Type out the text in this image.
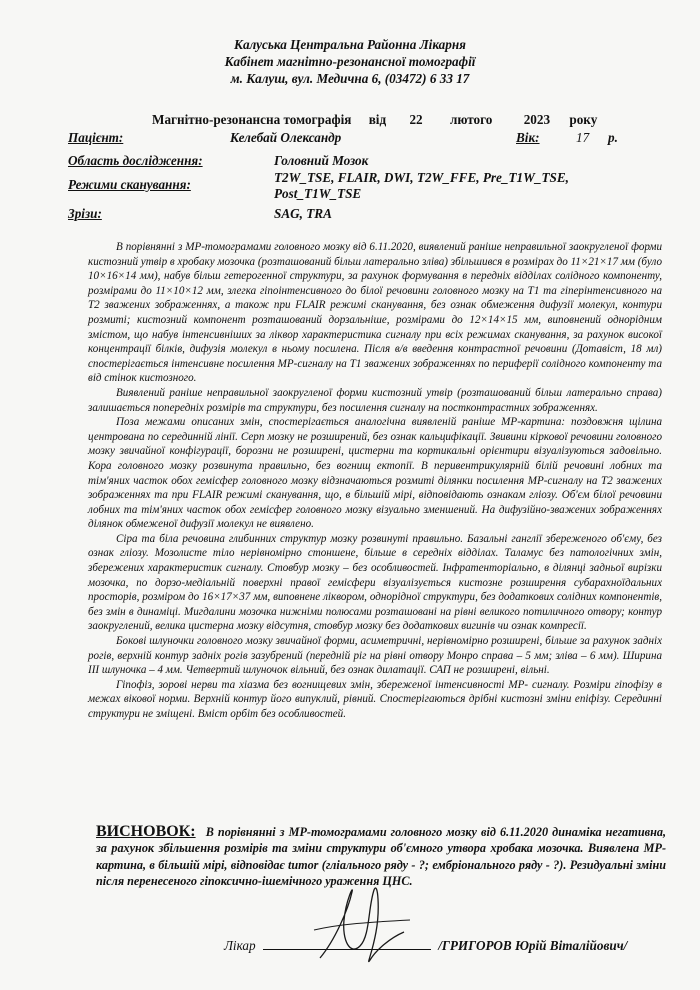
Калуська Центральна Районна Лікарня
Кабінет магнітно-резонансної томографії
м. Калуш, вул. Медична 6, (03472) 6 33 17
Магнітно-резонансна томографія від 22 лютого 2023 року
Пацієнт:	Келебай Олександр	Вік:	17 р.
Область дослідження:	Головний Мозок
Режими сканування:	T2W_TSE, FLAIR, DWI, T2W_FFE, Pre_T1W_TSE, Post_T1W_TSE
Зрізи:	SAG, TRA

В порівнянні з МР-томограмами головного мозку від 6.11.2020, виявлений раніше неправильної заокругленої форми кистозний утвір в хробаку мозочка (розташований більш латерально зліва) збільшився в розмірах до 11×21×17 мм (було 10×16×14 мм), набув більш гетерогенної структури, за рахунок формування в передніх відділах солідного компоненту, розмірами до 11×10×12 мм, злегка гіпоінтенсивного до білої речовини головного мозку на Т1 та гіперінтенсивного на Т2 зважених зображеннях, а також при FLAIR режимі сканування, без ознак обмеження дифузії молекул, контури розмиті; кистозний компонент розташований дорзальніше, розмірами до 12×14×15 мм, виповнений однорідним змістом, що набув інтенсивніших за ліквор характеристика сигналу при всіх режимах сканування, за рахунок високої концентрації білків, дифузія молекул в ньому посилена. Після в/в введення контрастної речовини (Дотавіст, 18 мл) спостерігається інтенсивне посилення МР-сигналу на Т1 зважених зображеннях по периферії солідного компоненту та від стінок кистозного.

Виявлений раніше неправильної заокругленої форми кистозний утвір (розташований більш латерально справа) залишається попередніх розмірів та структури, без посилення сигналу на постконтрастних зображеннях.

Поза межами описаних змін, спостерігається аналогічна виявленій раніше МР-картина: поздовжня щілина центрована по серединній лінії. Серп мозку не розширений, без ознак кальцифікації. Звивини кіркової речовини головного мозку звичайної конфігурації, борозни не розширені, цистерни та кортикальні орієнтири візуалізуються задовільно. Кора головного мозку розвинута правильно, без вогнищ ектопії. В перивентрикулярній білій речовині лобних та тім'яних часток обох гемісфер головного мозку відзначаються розмиті ділянки посилення МР-сигналу на Т2 зважених зображеннях та при FLAIR режимі сканування, що, в більшій мірі, відповідають ознакам гліозу. Об'єм білої речовини лобних та тім'яних часток обох гемісфер головного мозку візуально зменшений. На дифузійно-зважених зображеннях ділянок обмеженої дифузії молекул не виявлено.

Сіра та біла речовина глибинних структур мозку розвинуті правильно. Базальні ганглії збереженого об'єму, без ознак гліозу. Мозолисте тіло нерівномірно стоншене, більше в середніх відділах. Таламус без патологічних змін, збережених характеристик сигналу. Стовбур мозку – без особливостей. Інфратенторіально, в ділянці задньої вирізки мозочка, по дорзо-медіальній поверхні правої гемісфери візуалізується кистозне розширення субарахноїдальних просторів, розміром до 16×17×37 мм, виповнене ліквором, однорідної структури, без додаткових солідних компонентів, без змін в динаміці. Мигдалини мозочка нижніми полюсами розташовані на рівні великого потиличного отвору; контур заокруглений, велика цистерна мозку відсутня, стовбур мозку без додаткових вигинів чи ознак компресії.

Бокові шлуночки головного мозку звичайної форми, асиметричні, нерівномірно розширені, більше за рахунок задніх рогів, верхній контур задніх рогів зазубрений (передній ріг на рівні отвору Монро справа – 5 мм; зліва – 6 мм). Ширина ІІІ шлуночка – 4 мм. Четвертий шлуночок вільний, без ознак дилатації. САП не розширені, вільні.

Гіпофіз, зорові нерви та хіазма без вогнищевих змін, збереженої інтенсивності МР- сигналу. Розміри гіпофізу в межах вікової норми. Верхній контур його випуклий, рівний. Спостерігаються дрібні кистозні зміни епіфізу. Серединні структури не зміщені. Вміст орбіт без особливостей.

ВИСНОВОК: В порівнянні з МР-томограмами головного мозку від 6.11.2020 динаміка негативна, за рахунок збільшення розмірів та зміни структури об'ємного утвора хробака мозочка. Виявлена МР-картина, в більшій мірі, відповідає tumor (гліального ряду - ?; ембріонального ряду - ?). Резидуальні зміни після перенесеного гіпоксично-ішемічного ураження ЦНС.
Лікар	/ГРИГОРОВ Юрій Віталійович/
